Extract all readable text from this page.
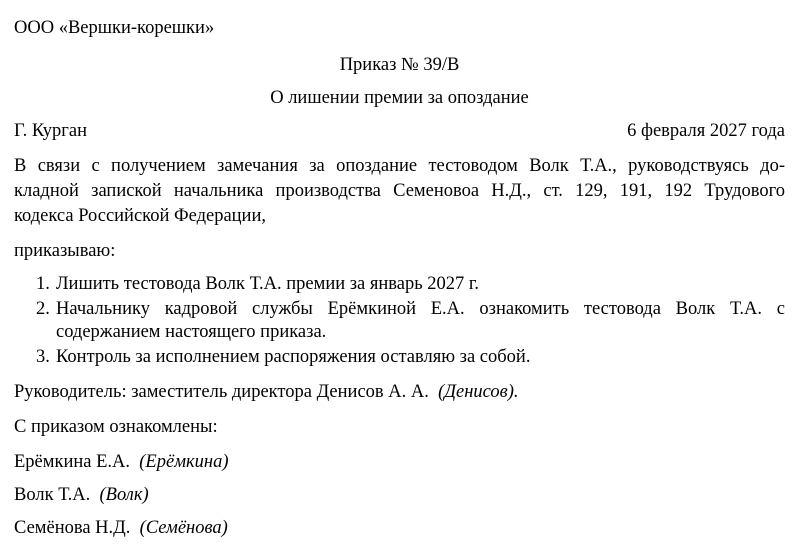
ООО «Вершки-корешки»
Приказ № 39/В
О лишении премии за опоздание
Г. Курган	6 февраля 2027 года
В связи с получением замечания за опоздание тестоводом Волк Т.А., руководствуясь до-
кладной запиской начальника производства Семеновоа Н.Д., ст. 129, 191, 192 Трудового
кодекса Российской Федерации,
приказываю:
1. Лишить тестовода Волк Т.А. премии за январь 2027 г.
2. Начальнику кадровой службы Ерёмкиной Е.А. ознакомить тестовода Волк Т.А. с
содержанием настоящего приказа.
3. Контроль за исполнением распоряжения оставляю за собой.
Руководитель: заместитель директора Денисов А. А.  (Денисов).
С приказом ознакомлены:
Ерёмкина Е.А.  (Ерёмкина)
Волк Т.А.  (Волк)
Семёнова Н.Д.  (Семёнова)
